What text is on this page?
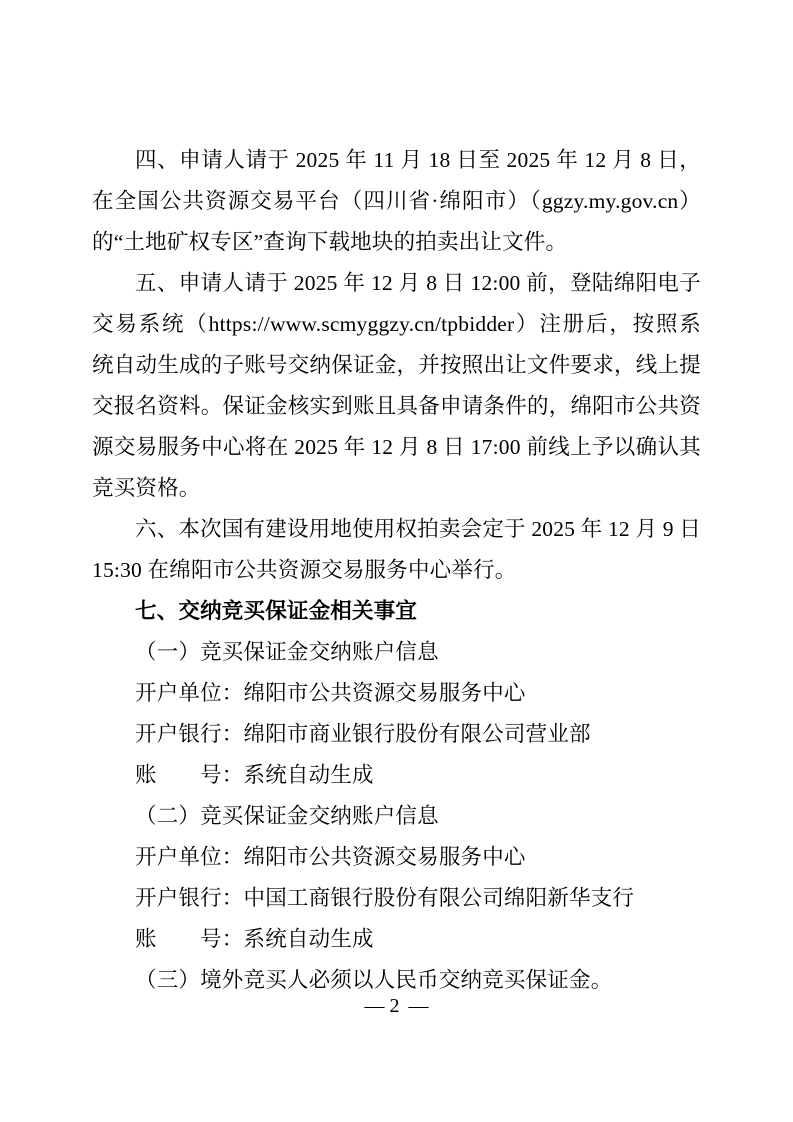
四、申请人请于 2025 年 11 月 18 日至 2025 年 12 月 8 日，在全国公共资源交易平台（四川省·绵阳市）（ggzy.my.gov.cn）的“土地矿权专区”查询下载地块的拍卖出让文件。

五、申请人请于 2025 年 12 月 8 日 12:00 前，登陆绵阳电子交易系统（https://www.scmyggzy.cn/tpbidder）注册后，按照系统自动生成的子账号交纳保证金，并按照出让文件要求，线上提交报名资料。保证金核实到账且具备申请条件的，绵阳市公共资源交易服务中心将在 2025 年 12 月 8 日 17:00 前线上予以确认其竞买资格。

六、本次国有建设用地使用权拍卖会定于 2025 年 12 月 9 日 15:30 在绵阳市公共资源交易服务中心举行。

七、交纳竞买保证金相关事宜

（一）竞买保证金交纳账户信息

开户单位：绵阳市公共资源交易服务中心

开户银行：绵阳市商业银行股份有限公司营业部

账　　号：系统自动生成

（二）竞买保证金交纳账户信息

开户单位：绵阳市公共资源交易服务中心

开户银行：中国工商银行股份有限公司绵阳新华支行

账　　号：系统自动生成

（三）境外竞买人必须以人民币交纳竞买保证金。

— 2 —
